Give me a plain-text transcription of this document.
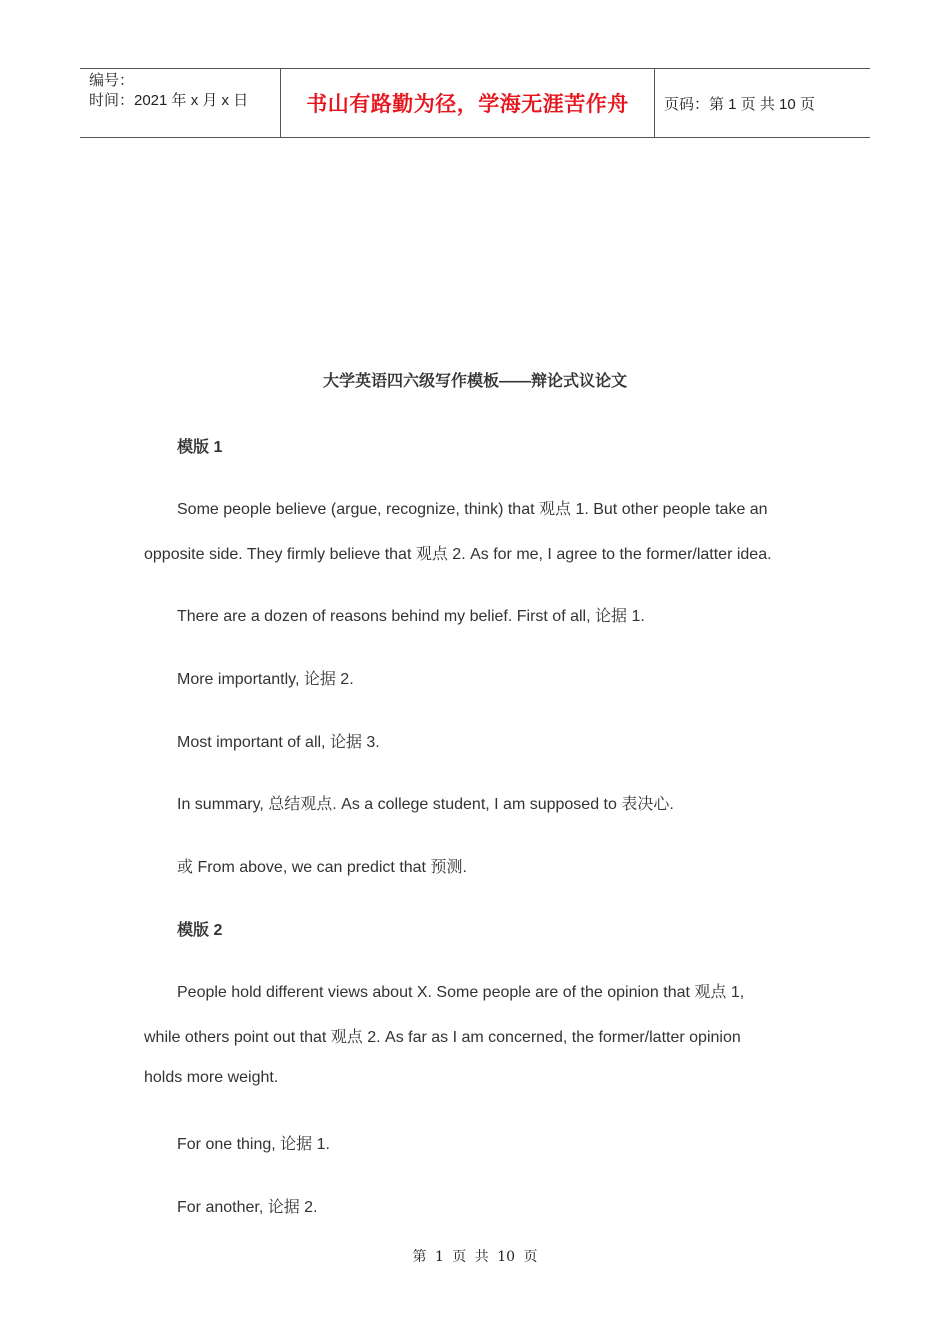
编号：
时间：2021 年 x 月 x 日	书山有路勤为径，学海无涯苦作舟 页码：第 1 页 共 10 页
大学英语四六级写作模板——辩论式议论文
模版 1
Some people believe (argue, recognize, think) that 观点 1. But other people take an
opposite side. They firmly believe that 观点 2. As for me, I agree to the former/latter idea.
There are a dozen of reasons behind my belief. First of all, 论据 1.
More importantly, 论据 2.
Most important of all, 论据 3.
In summary, 总结观点. As a college student, I am supposed to 表决心.
或 From above, we can predict that 预测.
模版 2
People hold different views about X. Some people are of the opinion that 观点 1,
while others point out that 观点 2. As far as I am concerned, the former/latter opinion
holds more weight.
For one thing, 论据 1.
For another, 论据 2.
第 1 页 共 10 页
